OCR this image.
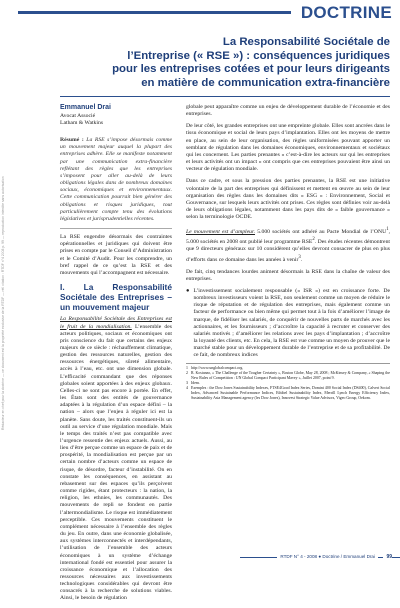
DOCTRINE
La Responsabilité Sociétale de
l’Entreprise (« RSE ») : conséquences juridiques
pour les entreprises cotées et pour leurs dirigeants
en matière de communication extra-financière
Rédacteur en chef pour la doctrine — ce document est la propriété exclusive de la RTDF — réf. citation : RTDF n°4 2008 p. 99 — reproduction interdite sans autorisation
Emmanuel Drai
Avocat Associé
Latham & Watkins
Résumé : La RSE s’impose désormais comme un mouvement majeur auquel la plupart des entreprises adhère. Elle se manifeste notamment par une communication extra-financière reflétant des règles que les entreprises s’imposent pour aller au-delà de leurs obligations légales dans de nombreux domaines sociaux, économiques et environnementaux. Cette communication pourrait bien générer des obligations et risques juridiques, tout particulièrement compte tenu des évolutions législatives et jurisprudentielles récentes.

La RSE engendre désormais des contraintes opérationnelles et juridiques qui doivent être prises en compte par le Conseil d’Administration et le Comité d’Audit. Pour les comprendre, un bref rappel de ce qu’est la RSE et des mouvements qui l’accompagnent est nécessaire.

I. La Responsabilité Sociétale des Entreprises – un mouvement majeur

La Responsabilité Sociétale des Entreprises est le fruit de la mondialisation. L’ensemble des acteurs politiques, sociaux et économiques ont pris conscience du fait que certains des enjeux majeurs de ce siècle : réchauffement climatique, gestion des ressources naturelles, gestion des ressources énergétiques, sûreté alimentaire, accès à l’eau, etc. ont une dimension globale. L’efficacité commandant que des réponses globales soient apportées à des enjeux globaux. Celles-ci ne sont pas encore à portée. En effet, les États sont des entités de gouvernance adaptées à la régulation d’un espace défini – la nation – alors que l’enjeu à réguler ici est la planète. Sans doute, les traités constituent-ils un outil au service d’une régulation mondiale. Mais le temps des traités n’est pas compatible avec l’urgence ressentie des enjeux actuels. Aussi, au lieu d’être perçue comme un espace de paix et de prospérité, la mondialisation est perçue par un certain nombre d’acteurs comme un espace de risque, de désordre, facteur d’instabilité. On en constate les conséquences, en assistant au rebasement sur des espaces qu’ils perçoivent comme rigides, étant protecteurs : la nation, la religion, les ethnies, les communautés. Des mouvements de repli se fondent en partie l’altermondialisme. Le risque est immédiatement perceptible. Ces mouvements constituent le complément nécessaire à l’ensemble des règles du jeu. En outre, dans une économie globalisée, aux systèmes interconnectés et interdépendants, l’utilisation de l’ensemble des acteurs économiques à un système d’échange international fondé est essentiel pour assurer la croissance économique et l’allocation des ressources nécessaires aux investissements technologiques considérables qui devront être consacrés à la recherche de solutions viables. Ainsi, le besoin de régulation

globale peut apparaître comme un enjeu de développement durable de l’économie et des entreprises.

De leur côté, les grandes entreprises ont une empreinte globale. Elles sont ancrées dans le tissu économique et social de leurs pays d’implantation. Elles ont les moyens de mettre en place, au sein de leur organisation, des règles uniformisées pouvant apporter un semblant de régulation dans les domaines économiques, environnementaux et sociétaux qui les concernent. Les parties prenantes « c’est-à-dire les acteurs sur qui les entreprises et leurs activités ont un impact » ont compris que ces entreprises pouvaient être ainsi un vecteur de régulation mondiale.

Dans ce cadre, et sous la pression des parties prenantes, la RSE est une initiative volontaire de la part des entreprises qui définissent et mettent en œuvre au sein de leur organisation des règles dans les domaines dits « ESG » : Environnement, Social et Gouvernance, sur lesquels leurs activités ont prises. Ces règles sont définies voir au-delà de leurs obligations légales, notamment dans les pays dits de « faible gouvernance » selon la terminologie OCDE.

Le mouvement est d’ampleur. 5.000 sociétés ont adhéré au Pacte Mondial de l’ONU$^1$, 5.000 sociétés en 2008 ont publié leur programme RSE$^2$. Des études récentes démontrent que 9 directeurs généraux sur 10 considèrent qu’elles devront consacrer de plus en plus d’efforts dans ce domaine dans les années à venir$^3$.

De fait, cinq tendances lourdes animent désormais la RSE dans la chaîne de valeur des entreprises.

● L’investissement socialement responsable (« ISR ») est en croissance forte. De nombreux investisseurs voient la RSE, non seulement comme un moyen de réduire le risque de réputation et de régulation des entreprises, mais également comme un facteur de performance ou bien même qui permet tout à la fois d’améliorer l’image de marque, de fidéliser les salariés, de conquérir de nouvelles parts de marchés avec les actionnaires, et les fournisseurs ; d’accroître la capacité à recruter et conserver des salariés motivés ; d’améliorer les relations avec les pays d’implantation ; d’accroître la loyauté des clients, etc. En cela, la RSE est vue comme un moyen de prouver que le marché stable pour un développement durable de l’entreprise et de sa profitabilité. De ce fait, de nombreux indices
1 http://www.unglobalcompact.org.
2 R. Kostanzo, « The Challenge of the Tougher Certainty », Boston Globe, May 28, 2008 ; McKinsey & Company, « Shaping the New Rules of Competition : UN Global Compact Participant Mavey », Juillet 2007, point 9.
3 Idem.
4 Exemples : the Dow Jones Sustainability Indexes, FTSE4Good Index Series, Domini 400 Social Index (DS400), Calvert Social Index, Advanced Sustainable Performance Indices, Ethibel Sustainability Index, Merrill Lynch Energy Efficiency Index, Sustainability Asia Management agency (les Dow Jones), Innovest Strategic Value Advisors, Vigeo Group, Oekom.
RTDF N° 4 - 2008 ● Doctrine / Emmanuel Drai	99
